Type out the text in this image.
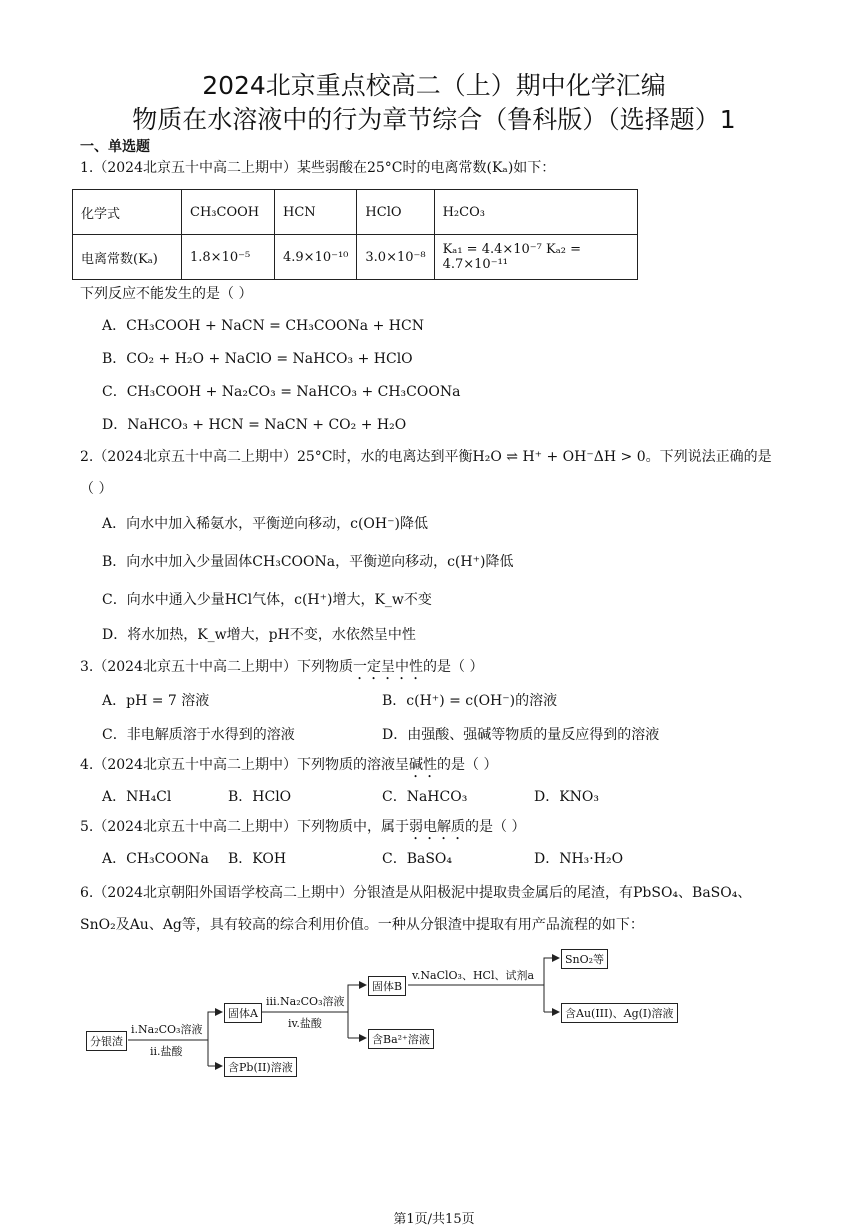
2024北京重点校高二（上）期中化学汇编
物质在水溶液中的行为章节综合（鲁科版）（选择题）1
一、单选题
1.（2024北京五十中高二上期中）某些弱酸在25°C时的电离常数(Kₐ)如下：
化学式	CH₃COOH	HCN	HClO	H₂CO₃
电离常数(Kₐ)	1.8×10⁻⁵	4.9×10⁻¹⁰	3.0×10⁻⁸	Kₐ₁ = 4.4×10⁻⁷ Kₐ₂ = 4.7×10⁻¹¹
下列反应不能发生的是（ ）
A．CH₃COOH + NaCN = CH₃COONa + HCN
B．CO₂ + H₂O + NaClO = NaHCO₃ + HClO
C．CH₃COOH + Na₂CO₃ = NaHCO₃ + CH₃COONa
D．NaHCO₃ + HCN = NaCN + CO₂ + H₂O
2.（2024北京五十中高二上期中）25°C时，水的电离达到平衡H₂O ⇌ H⁺ + OH⁻ΔH > 0。下列说法正确的是
（ ）
A．向水中加入稀氨水，平衡逆向移动，c(OH⁻)降低
B．向水中加入少量固体CH₃COONa，平衡逆向移动，c(H⁺)降低
C．向水中通入少量HCl气体，c(H⁺)增大，K_w不变
D．将水加热，K_w增大，pH不变，水依然呈中性
3.（2024北京五十中高二上期中）下列物质一定呈中性的是（ ）
A．pH = 7 溶液	B．c(H⁺) = c(OH⁻)的溶液
C．非电解质溶于水得到的溶液	D．由强酸、强碱等物质的量反应得到的溶液
4.（2024北京五十中高二上期中）下列物质的溶液呈碱性的是（ ）
A．NH₄Cl	B．HClO	C．NaHCO₃	D．KNO₃
5.（2024北京五十中高二上期中）下列物质中，属于弱电解质的是（ ）
A．CH₃COONa B．KOH	C．BaSO₄	D．NH₃·H₂O
6.（2024北京朝阳外国语学校高二上期中）分银渣是从阳极泥中提取贵金属后的尾渣，有PbSO₄、BaSO₄、
SnO₂及Au、Ag等，具有较高的综合利用价值。一种从分银渣中提取有用产品流程的如下：
分银渣
i.Na₂CO₃溶液
ii.盐酸
固体A
含Pb(II)溶液
iii.Na₂CO₃溶液
iv.盐酸
固体B
含Ba²⁺溶液
v.NaClO₃、HCl、试剂a
SnO₂等
含Au(III)、Ag(I)溶液
第1页/共15页
